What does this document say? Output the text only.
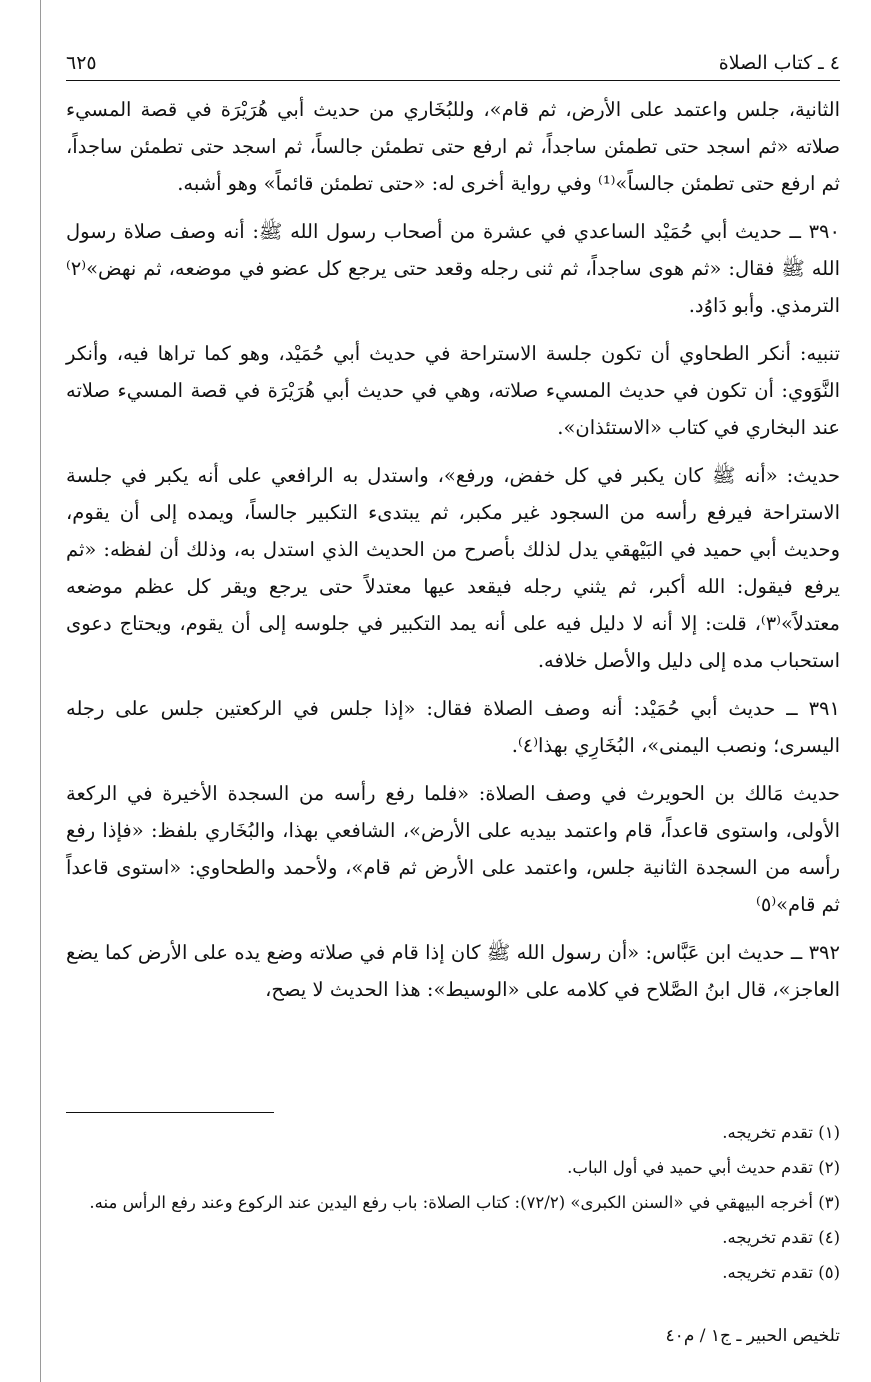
٤ ـ كتاب الصلاة
٦٢٥

الثانية، جلس واعتمد على الأرض، ثم قام»، وللبُخَاري من حديث أبي هُرَيْرَة في قصة المسيء صلاته «ثم اسجد حتى تطمئن ساجداً، ثم ارفع حتى تطمئن جالساً، ثم اسجد حتى تطمئن ساجداً، ثم ارفع حتى تطمئن جالساً»⁽¹⁾ وفي رواية أخرى له: «حتى تطمئن قائماً» وهو أشبه.

٣٩٠ ــ حديث أبي حُمَيْد الساعدي في عشرة من أصحاب رسول الله ﷺ: أنه وصف صلاة رسول الله ﷺ فقال: «ثم هوى ساجداً، ثم ثنى رجله وقعد حتى يرجع كل عضو في موضعه، ثم نهض»⁽٢⁾ الترمذي. وأبو دَاوُد.

تنبيه: أنكر الطحاوي أن تكون جلسة الاستراحة في حديث أبي حُمَيْد، وهو كما تراها فيه، وأنكر النَّوَوي: أن تكون في حديث المسيء صلاته، وهي في حديث أبي هُرَيْرَة في قصة المسيء صلاته عند البخاري في كتاب «الاستئذان».

حديث: «أنه ﷺ كان يكبر في كل خفض، ورفع»، واستدل به الرافعي على أنه يكبر في جلسة الاستراحة فيرفع رأسه من السجود غير مكبر، ثم يبتدىء التكبير جالساً، ويمده إلى أن يقوم، وحديث أبي حميد في البَيْهقي يدل لذلك بأصرح من الحديث الذي استدل به، وذلك أن لفظه: «ثم يرفع فيقول: الله أكبر، ثم يثني رجله فيقعد عيها معتدلاً حتى يرجع ويقر كل عظم موضعه معتدلاً»⁽٣⁾، قلت: إلا أنه لا دليل فيه على أنه يمد التكبير في جلوسه إلى أن يقوم، ويحتاج دعوى استحباب مده إلى دليل والأصل خلافه.

٣٩١ ــ حديث أبي حُمَيْد: أنه وصف الصلاة فقال: «إذا جلس في الركعتين جلس على رجله اليسرى؛ ونصب اليمنى»، البُخَارِي بهذا⁽٤⁾.

حديث مَالك بن الحويرث في وصف الصلاة: «فلما رفع رأسه من السجدة الأخيرة في الركعة الأولى، واستوى قاعداً، قام واعتمد بيديه على الأرض»، الشافعي بهذا، والبُخَاري بلفظ: «فإذا رفع رأسه من السجدة الثانية جلس، واعتمد على الأرض ثم قام»، ولأحمد والطحاوي: «استوى قاعداً ثم قام»⁽٥⁾

٣٩٢ ــ حديث ابن عَبَّاس: «أن رسول الله ﷺ كان إذا قام في صلاته وضع يده على الأرض كما يضع العاجز»، قال ابنُ الصَّلاح في كلامه على «الوسيط»: هذا الحديث لا يصح،

(١) تقدم تخريجه.

(٢) تقدم حديث أبي حميد في أول الباب.

(٣) أخرجه البيهقي في «السنن الكبرى» (٧٢/٢): كتاب الصلاة: باب رفع اليدين عند الركوع وعند رفع الرأس منه.

(٤) تقدم تخريجه.

(٥) تقدم تخريجه.

تلخيص الحبير ـ ج١ / م٤٠
